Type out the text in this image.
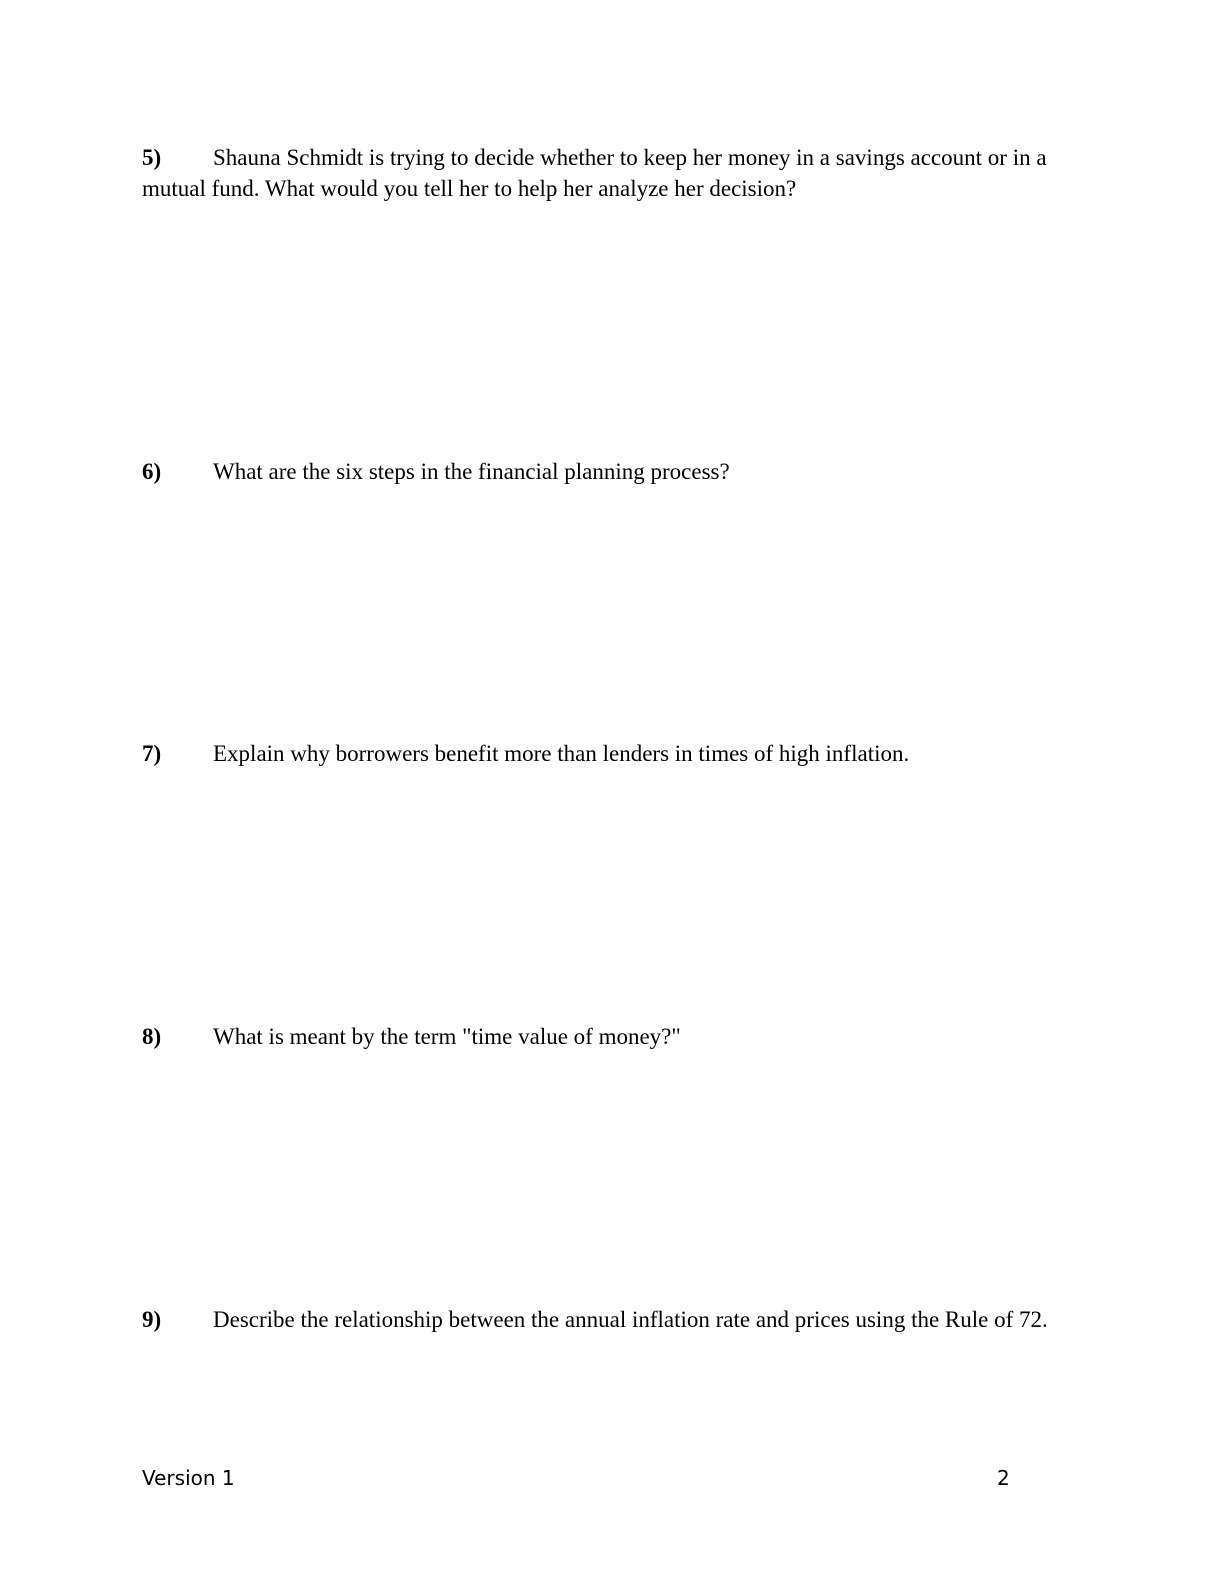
5) Shauna Schmidt is trying to decide whether to keep her money in a savings account or in a mutual fund. What would you tell her to help her analyze her decision?
6) What are the six steps in the financial planning process?
7) Explain why borrowers benefit more than lenders in times of high inflation.
8) What is meant by the term "time value of money?"
9) Describe the relationship between the annual inflation rate and prices using the Rule of 72.
Version 1	2
